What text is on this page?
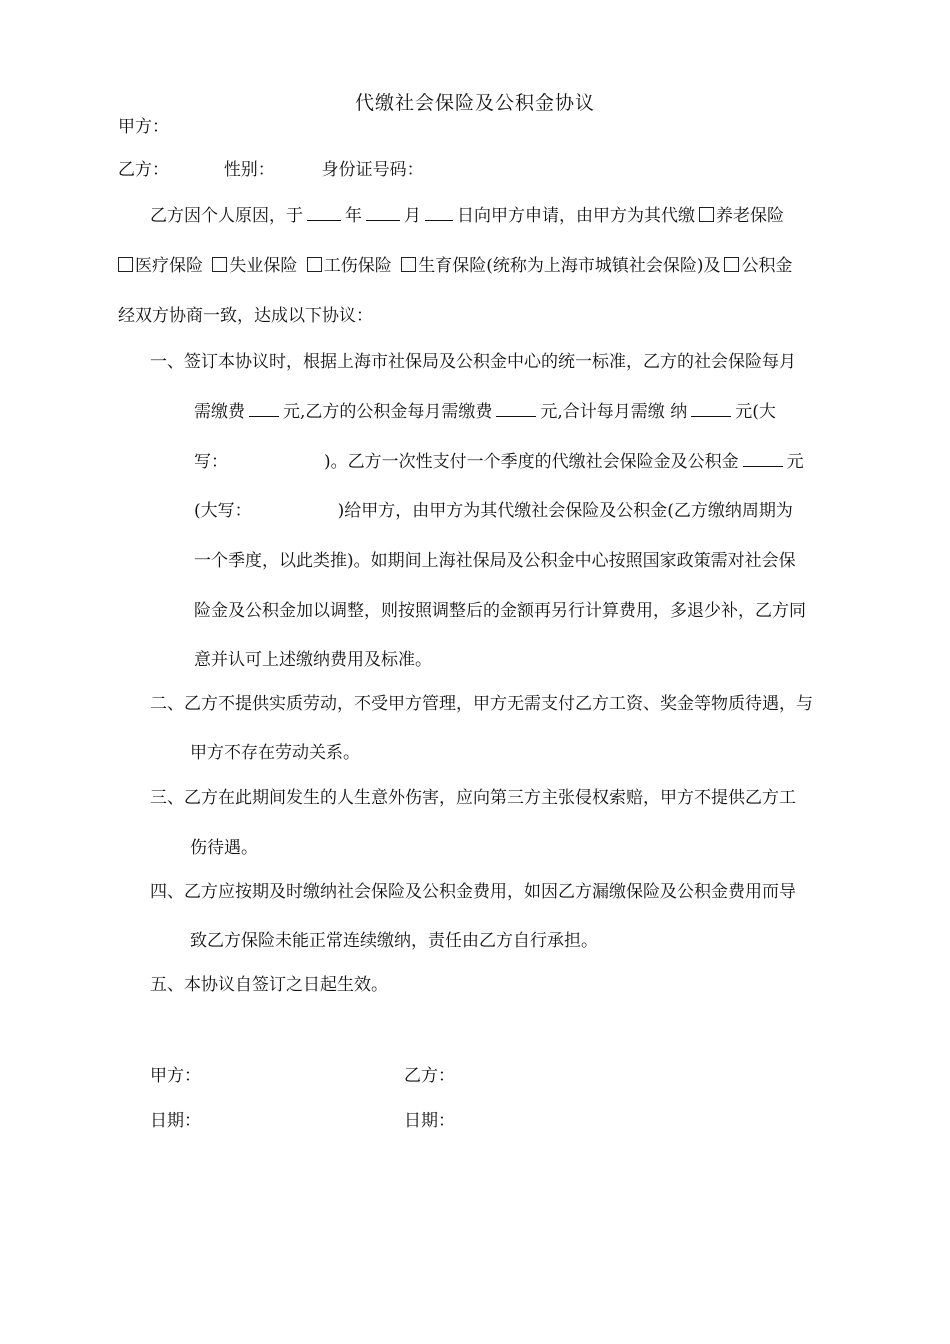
代缴社会保险及公积金协议
甲方：
乙方：	性别：	身份证号码：
乙方因个人原因，于 年 月 日向甲方申请，由甲方为其代缴 养老保险
医疗保险 失业保险 工伤保险 生育保险(统称为上海市城镇社会保险)及 公积金
经双方协商一致，达成以下协议：
一、签订本协议时，根据上海市社保局及公积金中心的统一标准，乙方的社会保险每月
需缴费 元,乙方的公积金每月需缴费	元,合计每月需缴 纳	元(大
写：	)。乙方一次性支付一个季度的代缴社会保险金及公积金	元
(大写：	)给甲方，由甲方为其代缴社会保险及公积金(乙方缴纳周期为
一个季度，以此类推)。如期间上海社保局及公积金中心按照国家政策需对社会保
险金及公积金加以调整，则按照调整后的金额再另行计算费用，多退少补，乙方同
意并认可上述缴纳费用及标准。
二、乙方不提供实质劳动，不受甲方管理，甲方无需支付乙方工资、奖金等物质待遇，与
甲方不存在劳动关系。
三、乙方在此期间发生的人生意外伤害，应向第三方主张侵权索赔，甲方不提供乙方工
伤待遇。
四、乙方应按期及时缴纳社会保险及公积金费用，如因乙方漏缴保险及公积金费用而导
致乙方保险未能正常连续缴纳，责任由乙方自行承担。
五、本协议自签订之日起生效。
甲方：	乙方：
日期：	日期：
